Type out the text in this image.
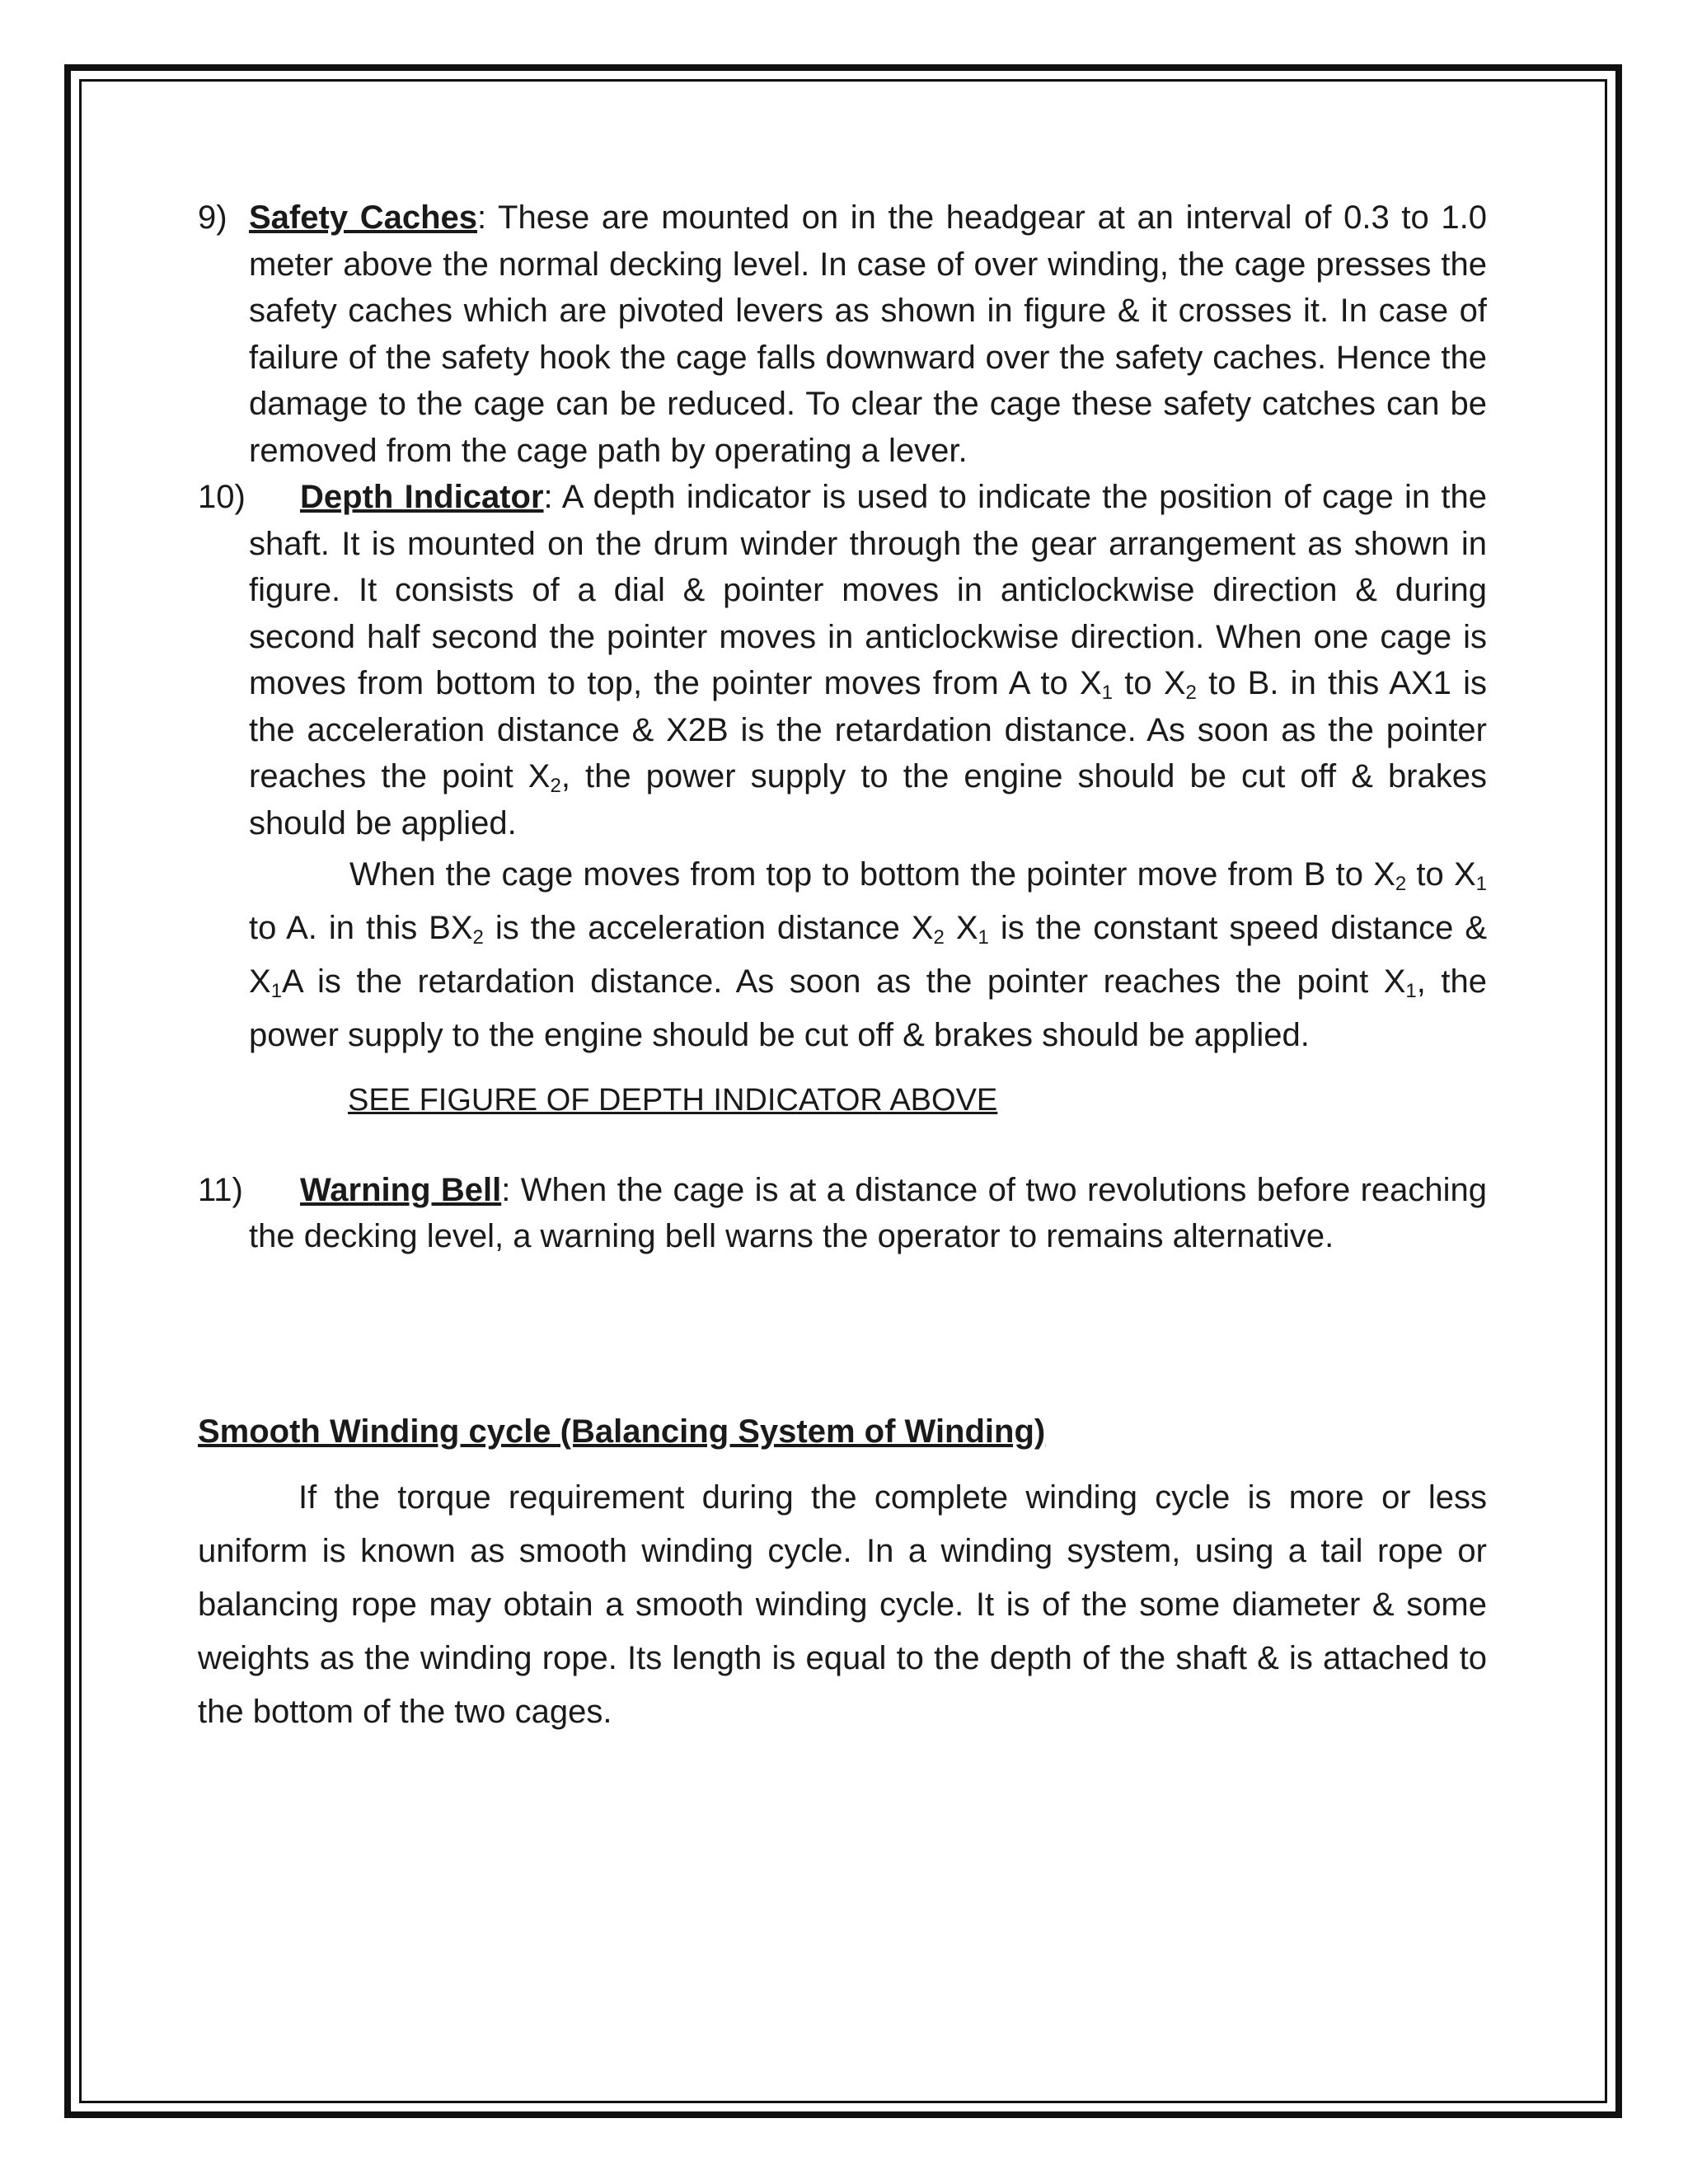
9) Safety Caches: These are mounted on in the headgear at an interval of 0.3 to 1.0 meter above the normal decking level. In case of over winding, the cage presses the safety caches which are pivoted levers as shown in figure & it crosses it. In case of failure of the safety hook the cage falls downward over the safety caches. Hence the damage to the cage can be reduced. To clear the cage these safety catches can be removed from the cage path by operating a lever.
10) Depth Indicator: A depth indicator is used to indicate the position of cage in the shaft. It is mounted on the drum winder through the gear arrangement as shown in figure. It consists of a dial & pointer moves in anticlockwise direction & during second half second the pointer moves in anticlockwise direction. When one cage is moves from bottom to top, the pointer moves from A to $X_1$ to $X_2$ to B. in this AX1 is the acceleration distance & X2B is the retardation distance. As soon as the pointer reaches the point $X_2$, the power supply to the engine should be cut off & brakes should be applied.
When the cage moves from top to bottom the pointer move from B to $X_2$ to $X_1$ to A. in this $BX_2$ is the acceleration distance $X_2$ $X_1$ is the constant speed distance & $X_1A$ is the retardation distance. As soon as the pointer reaches the point $X_1$, the power supply to the engine should be cut off & brakes should be applied.
SEE FIGURE OF DEPTH INDICATOR ABOVE
11) Warning Bell: When the cage is at a distance of two revolutions before reaching the decking level, a warning bell warns the operator to remains alternative.
Smooth Winding cycle (Balancing System of Winding)
If the torque requirement during the complete winding cycle is more or less uniform is known as smooth winding cycle. In a winding system, using a tail rope or balancing rope may obtain a smooth winding cycle. It is of the some diameter & some weights as the winding rope. Its length is equal to the depth of the shaft & is attached to the bottom of the two cages.
